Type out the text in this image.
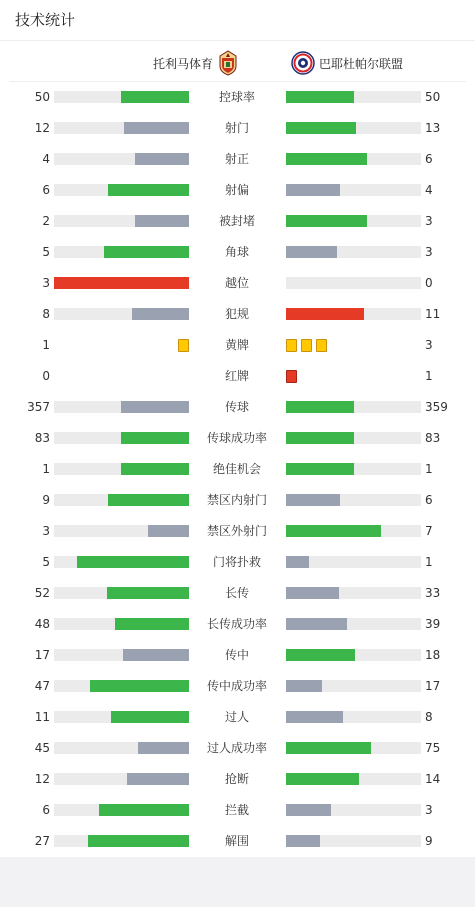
技术统计
托利马体育	巴耶杜帕尔联盟
50	控球率	50
12	射门	13
4	射正	6
6	射偏	4
2	被封堵	3
5	角球	3
3	越位	0
8	犯规	11
1	黄牌	3
0	红牌	1
357	传球	359
83	传球成功率	83
1	绝佳机会	1
9	禁区内射门	6
3	禁区外射门	7
5	门将扑救	1
52	长传	33
48	长传成功率	39
17	传中	18
47	传中成功率	17
11	过人	8
45	过人成功率	75
12	抢断	14
6	拦截	3
27	解围	9
